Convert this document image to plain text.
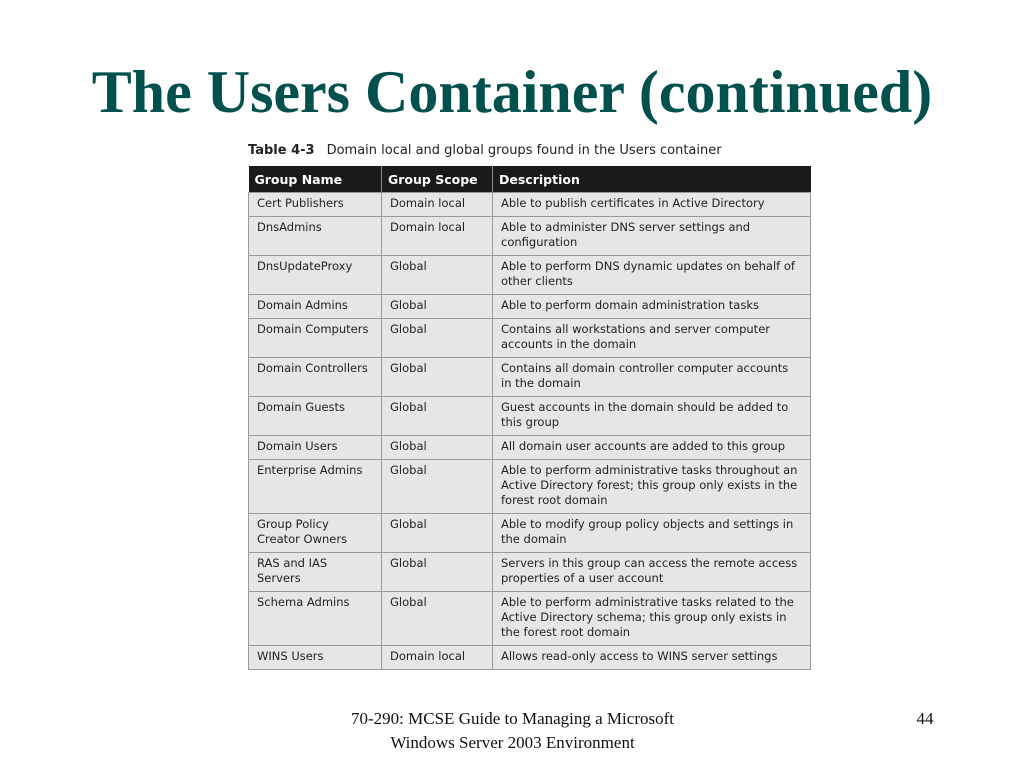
The Users Container (continued)
Table 4-3 Domain local and global groups found in the Users container
Group Name	Group Scope	Description
Cert Publishers	Domain local	Able to publish certificates in Active Directory
DnsAdmins	Domain local	Able to administer DNS server settings and configuration
DnsUpdateProxy	Global	Able to perform DNS dynamic updates on behalf of other clients
Domain Admins	Global	Able to perform domain administration tasks
Domain Computers	Global	Contains all workstations and server computer accounts in the domain
Domain Controllers	Global	Contains all domain controller computer accounts in the domain
Domain Guests	Global	Guest accounts in the domain should be added to this group
Domain Users	Global	All domain user accounts are added to this group
Enterprise Admins	Global	Able to perform administrative tasks throughout an Active Directory forest; this group only exists in the forest root domain
Group Policy Creator Owners	Global	Able to modify group policy objects and settings in the domain
RAS and IAS Servers	Global	Servers in this group can access the remote access properties of a user account
Schema Admins	Global	Able to perform administrative tasks related to the Active Directory schema; this group only exists in the forest root domain
WINS Users	Domain local	Allows read-only access to WINS server settings
70-290: MCSE Guide to Managing a Microsoft
Windows Server 2003 Environment
44
